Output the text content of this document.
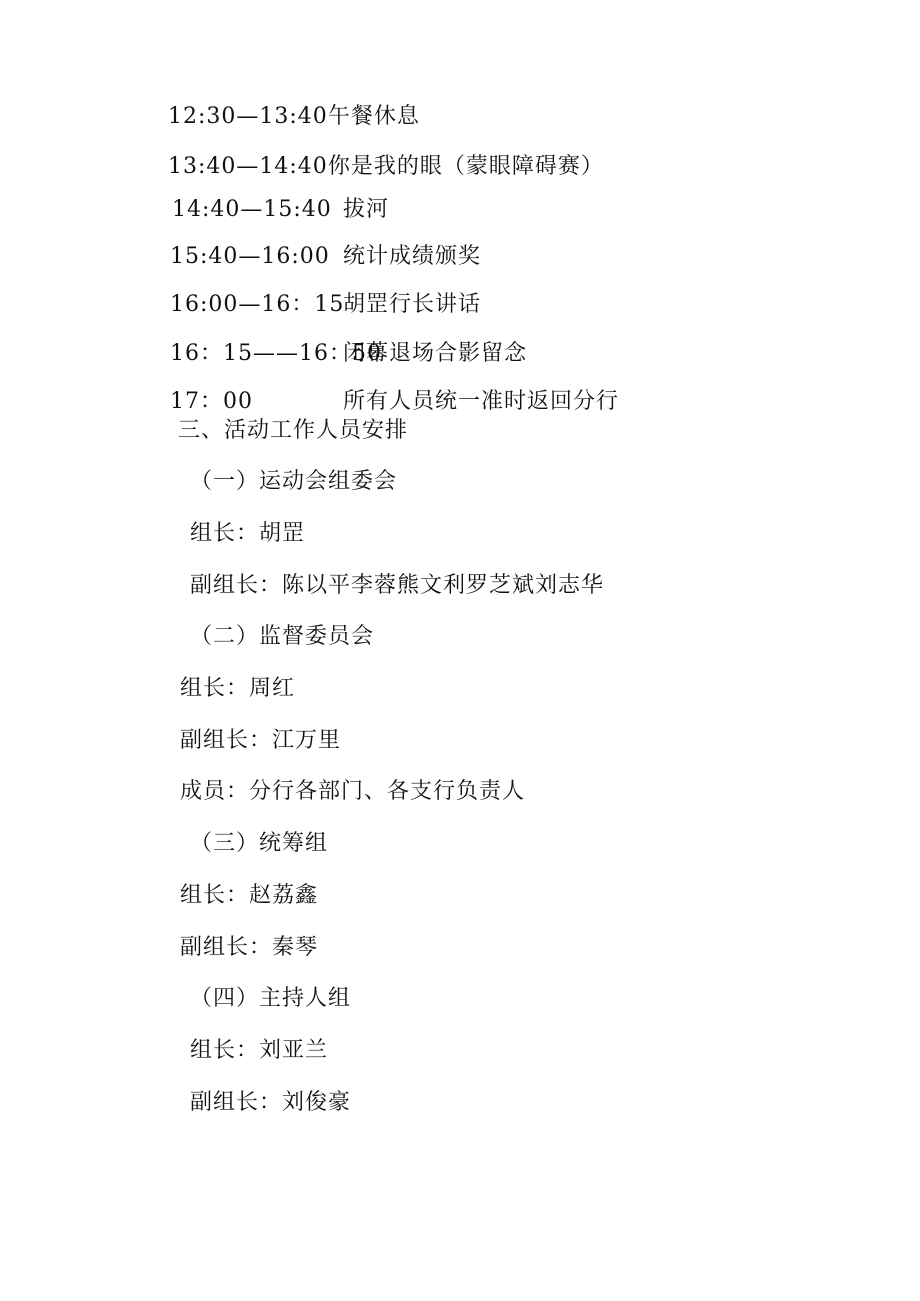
12:30—13:40午餐休息
13:40—14:40你是我的眼（蒙眼障碍赛）
14:40—15:40 拔河
15:40—16:00 统计成绩颁奖
16:00—16：15
胡罡行长讲话
16：15——16：50
闭幕退场合影留念
17：00	所有人员统一准时返回分行
三、活动工作人员安排
（一）运动会组委会
组长：胡罡
副组长：陈以平李蓉熊文利罗芝斌刘志华
（二）监督委员会
组长：周红
副组长：江万里
成员：分行各部门、各支行负责人
（三）统筹组
组长：赵荔鑫
副组长：秦琴
（四）主持人组
组长：刘亚兰
副组长：刘俊豪
